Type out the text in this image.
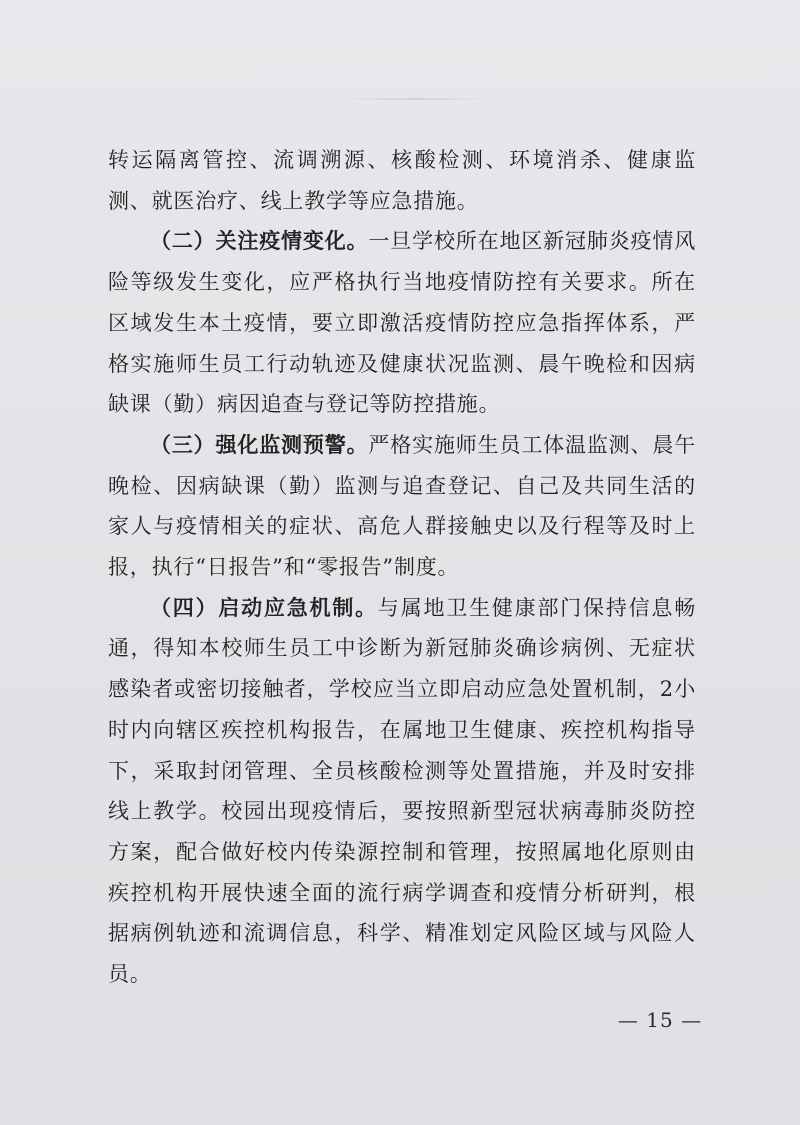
转运隔离管控、流调溯源、核酸检测、环境消杀、健康监测、就医治疗、线上教学等应急措施。

（二）关注疫情变化。一旦学校所在地区新冠肺炎疫情风险等级发生变化，应严格执行当地疫情防控有关要求。所在区域发生本土疫情，要立即激活疫情防控应急指挥体系，严格实施师生员工行动轨迹及健康状况监测、晨午晚检和因病缺课（勤）病因追查与登记等防控措施。

（三）强化监测预警。严格实施师生员工体温监测、晨午晚检、因病缺课（勤）监测与追查登记、自己及共同生活的家人与疫情相关的症状、高危人群接触史以及行程等及时上报，执行“日报告”和“零报告”制度。

（四）启动应急机制。与属地卫生健康部门保持信息畅通，得知本校师生员工中诊断为新冠肺炎确诊病例、无症状感染者或密切接触者，学校应当立即启动应急处置机制，2小时内向辖区疾控机构报告，在属地卫生健康、疾控机构指导下，采取封闭管理、全员核酸检测等处置措施，并及时安排线上教学。校园出现疫情后，要按照新型冠状病毒肺炎防控方案，配合做好校内传染源控制和管理，按照属地化原则由疾控机构开展快速全面的流行病学调查和疫情分析研判，根据病例轨迹和流调信息，科学、精准划定风险区域与风险人员。

— 15 —
